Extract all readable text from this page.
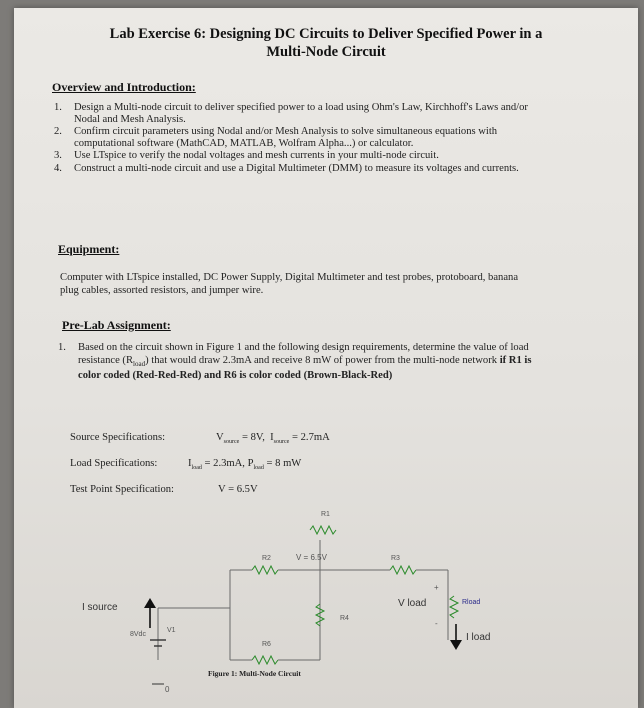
Lab Exercise 6: Designing DC Circuits to Deliver Specified Power in a
Multi-Node Circuit
Overview and Introduction:
1. Design a Multi-node circuit to deliver specified power to a load using Ohm's Law, Kirchhoff's Laws and/or Nodal and Mesh Analysis.
2. Confirm circuit parameters using Nodal and/or Mesh Analysis to solve simultaneous equations with computational software (MathCAD, MATLAB, Wolfram Alpha...) or calculator.
3. Use LTspice to verify the nodal voltages and mesh currents in your multi-node circuit.
4. Construct a multi-node circuit and use a Digital Multimeter (DMM) to measure its voltages and currents.
Equipment:
Computer with LTspice installed, DC Power Supply, Digital Multimeter and test probes, protoboard, banana plug cables, assorted resistors, and jumper wire.
Pre-Lab Assignment:
1. Based on the circuit shown in Figure 1 and the following design requirements, determine the value of load resistance $(R_{load})$ that would draw 2.3mA and receive 8 mW of power from the multi-node network if R1 is color coded (Red-Red-Red) and R6 is color coded (Brown-Black-Red)
Source Specifications:	$V_{source} = 8V$, $I_{source} = 2.7mA$
Load Specifications:	$I_{load} = 2.3mA$, $P_{load} = 8$ mW
Test Point Specification:	V = 6.5V
R1
R2	R3
R4
R6
V1
8Vdc
V = 6.5V
0
+
-
I source	V load
I load
Rload
Figure 1: Multi-Node Circuit
